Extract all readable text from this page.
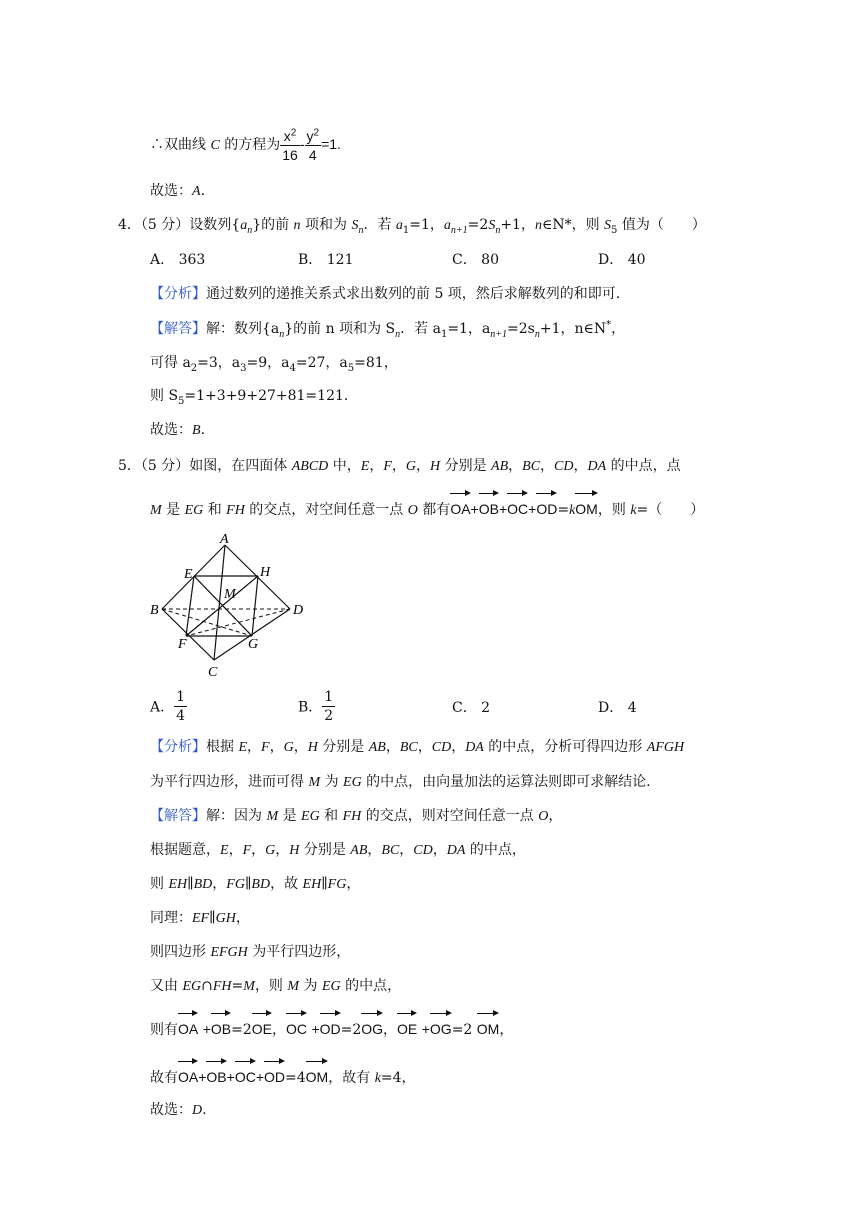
∴双曲线 C 的方程为 $\frac{x^2}{16} - \frac{y^2}{4} =1$.
故选：A.
4．（5 分）设数列$\{a_n\}$的前 n 项和为 $S_n$．若 $a_1=1$，$a_{n+1}=2S_n+1$，n∈N*，则 $S_5$ 值为（　　）
A． 363	B． 121	C． 80	D． 40
【分析】通过数列的递推关系式求出数列的前 5 项，然后求解数列的和即可.
【解答】解：数列$\{a_n\}$的前 n 项和为 $S_n$．若 $a_1=1$，$a_{n+1}=2s_n+1$，n∈N*，
可得 $a_2=3$，$a_3=9$，$a_4=27$，$a_5=81$，
则 $S_5=1+3+9+27+81=121$.
故选：B.
5．（5 分）如图，在四面体 ABCD 中，E，F，G，H 分别是 AB，BC，CD，DA 的中点，点
M 是 EG 和 FH 的交点，对空间任意一点 O 都有OA+OB+OC+OD=kOM，则 k=（　　）
A
B
C
D
E
F	G
H
M
A． $\frac{1}{4}$	B． $\frac{1}{2}$	C． 2	D． 4
【分析】根据 E，F，G，H 分别是 AB，BC，CD，DA 的中点，分析可得四边形 AFGH
为平行四边形，进而可得 M 为 EG 的中点，由向量加法的运算法则即可求解结论.
【解答】解：因为 M 是 EG 和 FH 的交点，则对空间任意一点 O，
根据题意，E，F，G，H 分别是 AB，BC，CD，DA 的中点，
则 EH∥BD，FG∥BD，故 EH∥FG，
同理：EF∥GH，
则四边形 EFGH 为平行四边形，
又由 EG∩FH=M，则 M 为 EG 的中点，
则有OA +OB=2OE，OC +OD=2OG，OE +OG=2 OM，
故有OA+OB+OC+OD=4OM，故有 k=4，
故选：D.
